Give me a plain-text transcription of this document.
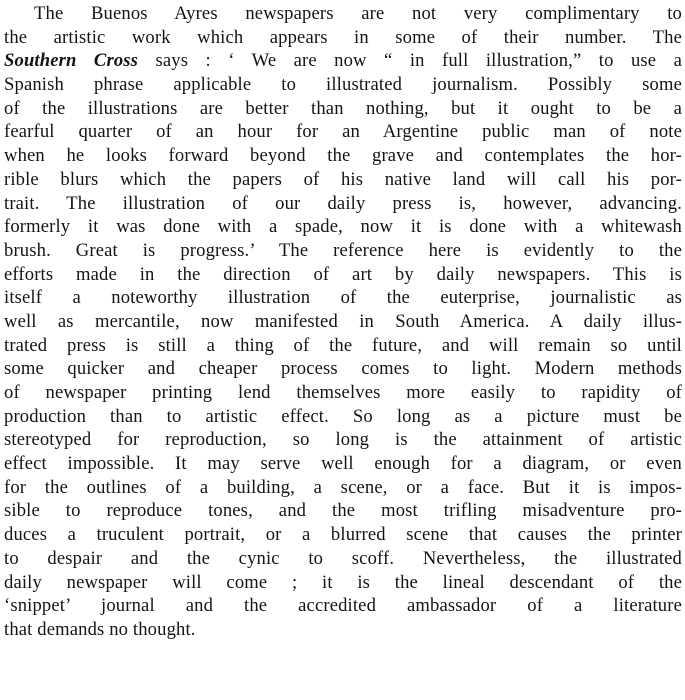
The Buenos Ayres newspapers are not very complimentary to
the artistic work which appears in some of their number. The
Southern Cross says : ‘ We are now “ in full illustration,” to use a
Spanish phrase applicable to illustrated journalism. Possibly some
of the illustrations are better than nothing, but it ought to be a
fearful quarter of an hour for an Argentine public man of note
when he looks forward beyond the grave and contemplates the hor-
rible blurs which the papers of his native land will call his por-
trait. The illustration of our daily press is, however, advancing.
formerly it was done with a spade, now it is done with a whitewash
brush. Great is progress.’ The reference here is evidently to the
efforts made in the direction of art by daily newspapers. This is
itself a noteworthy illustration of the euterprise, journalistic as
well as mercantile, now manifested in South America. A daily illus-
trated press is still a thing of the future, and will remain so until
some quicker and cheaper process comes to light. Modern methods
of newspaper printing lend themselves more easily to rapidity of
production than to artistic effect. So long as a picture must be
stereotyped for reproduction, so long is the attainment of artistic
effect impossible. It may serve well enough for a diagram, or even
for the outlines of a building, a scene, or a face. But it is impos-
sible to reproduce tones, and the most trifling misadventure pro-
duces a truculent portrait, or a blurred scene that causes the printer
to despair and the cynic to scoff. Nevertheless, the illustrated
daily newspaper will come ; it is the lineal descendant of the
‘snippet’ journal and the accredited ambassador of a literature
that demands no thought.
